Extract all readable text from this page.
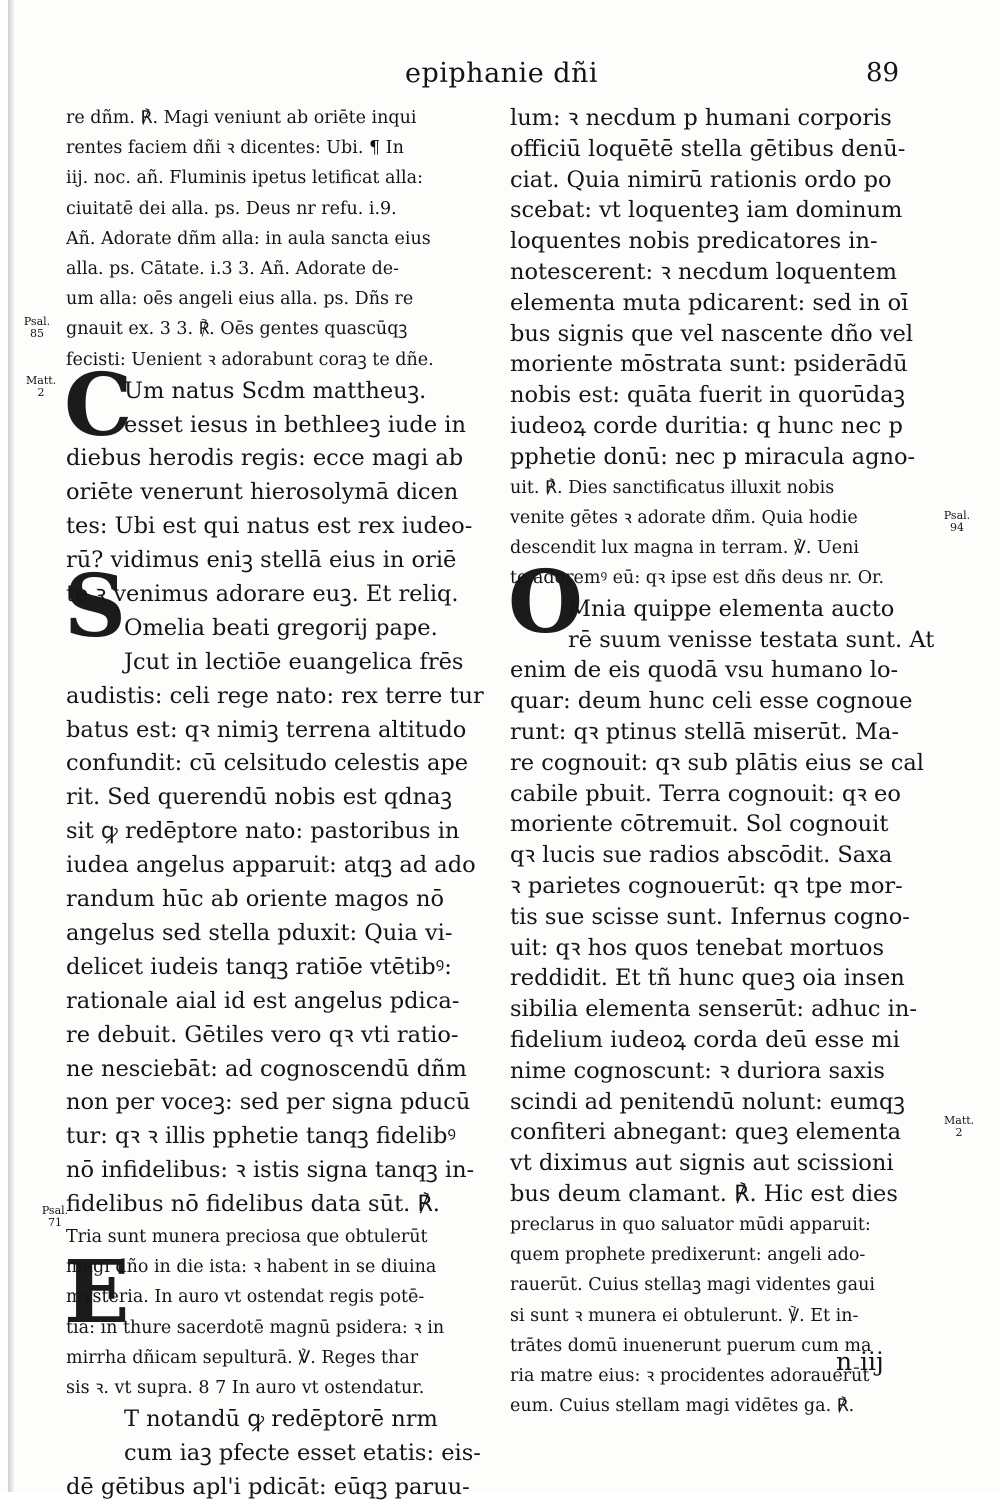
epiphanie dñi	89
Psal. 85
Matt. 2
Psal. 71
Psal. 94
Matt. 2
C
S
E
O
re dñm. ℟. Magi veniunt ab oriēte inqui
rentes faciem dñi ꝛ dicentes: Ubi. ¶ In
iij. noc. añ. Fluminis ipetus letificat alla:
ciuitatē dei alla. ps. Deus nr refu. i.9.
Añ. Adorate dñm alla: in aula sancta eius
alla. ps. Cātate. i.3 3. Añ. Adorate de-
um alla: oēs angeli eius alla. ps. Dñs re
gnauit ex. 3 3. ℟. Oēs gentes quascūqꝫ
fecisti: Uenient ꝛ adorabunt coraꝫ te dñe.
Um natus Scdm mattheuꝫ.
esset iesus in bethleeꝫ iude in
diebus herodis regis: ecce magi ab
oriēte venerunt hierosolymā dicen
tes: Ubi est qui natus est rex iudeo-
rū? vidimus eniꝫ stellā eius in oriē
te ꝛ venimus adorare euꝫ. Et reliq.
Omelia beati gregorij pape.
Jcut in lectiōe euangelica frēs
audistis: celi rege nato: rex terre tur
batus est: qꝛ nimiꝫ terrena altitudo
confundit: cū celsitudo celestis ape
rit. Sed querendū nobis est qdnaꝫ
sit ꝙ redēptore nato: pastoribus in
iudea angelus apparuit: atqꝫ ad ado
randum hūc ab oriente magos nō
angelus sed stella pduxit: Quia vi-
delicet iudeis tanqꝫ ratiōe vtētibꝰ:
rationale aial id est angelus pdica-
re debuit. Gētiles vero qꝛ vti ratio-
ne nesciebāt: ad cognoscendū dñm
non per voceꝫ: sed per signa pducū
tur: qꝛ ꝛ illis pphetie tanqꝫ fidelibꝰ
nō infidelibus: ꝛ istis signa tanqꝫ in-
fidelibus nō fidelibus data sūt. ℟.
Tria sunt munera preciosa que obtulerūt
magi dño in die ista: ꝛ habent in se diuina
mysteria. In auro vt ostendat regis potē-
tia: in thure sacerdotē magnū psidera: ꝛ in
mirrha dñicam sepulturā. ℣. Reges thar
sis ꝛ. vt supra. 8 7 In auro vt ostendatur.
T notandū ꝙ redēptorē nrm
cum iaꝫ pfecte esset etatis: eis-
dē gētibus apl'i pdicāt: eūqꝫ paruu-
lum: ꝛ necdum p humani corporis
officiū loquētē stella gētibus denū-
ciat. Quia nimirū rationis ordo po
scebat: vt loquenteꝫ iam dominum
loquentes nobis predicatores in-
notescerent: ꝛ necdum loquentem
elementa muta pdicarent: sed in oī
bus signis que vel nascente dño vel
moriente mōstrata sunt: psiderādū
nobis est: quāta fuerit in quorūdaꝫ
iudeoꝝ corde duritia: q hunc nec p
pphetie donū: nec p miracula agno-
uit. ℟. Dies sanctificatus illuxit nobis
venite gētes ꝛ adorate dñm. Quia hodie
descendit lux magna in terram. ℣. Ueni
te adoremꝰ eū: qꝛ ipse est dñs deus nr. Or.
Mnia quippe elementa aucto
rē suum venisse testata sunt. At
enim de eis quodā vsu humano lo-
quar: deum hunc celi esse cognoue
runt: qꝛ ptinus stellā miserūt. Ma-
re cognouit: qꝛ sub plātis eius se cal
cabile pbuit. Terra cognouit: qꝛ eo
moriente cōtremuit. Sol cognouit
qꝛ lucis sue radios abscōdit. Saxa
ꝛ parietes cognouerūt: qꝛ tpe mor-
tis sue scisse sunt. Infernus cogno-
uit: qꝛ hos quos tenebat mortuos
reddidit. Et tñ hunc queꝫ oia insen
sibilia elementa senserūt: adhuc in-
fidelium iudeoꝝ corda deū esse mi
nime cognoscunt: ꝛ duriora saxis
scindi ad penitendū nolunt: eumqꝫ
confiteri abnegant: queꝫ elementa
vt diximus aut signis aut scissioni
bus deum clamant. ℟. Hic est dies
preclarus in quo saluator mūdi apparuit:
quem prophete predixerunt: angeli ado-
rauerūt. Cuius stellaꝫ magi videntes gaui
si sunt ꝛ munera ei obtulerunt. ℣. Et in-
trātes domū inuenerunt puerum cum ma
ria matre eius: ꝛ procidentes adorauerūt
eum. Cuius stellam magi vidētes ga. ℟.
n iij
